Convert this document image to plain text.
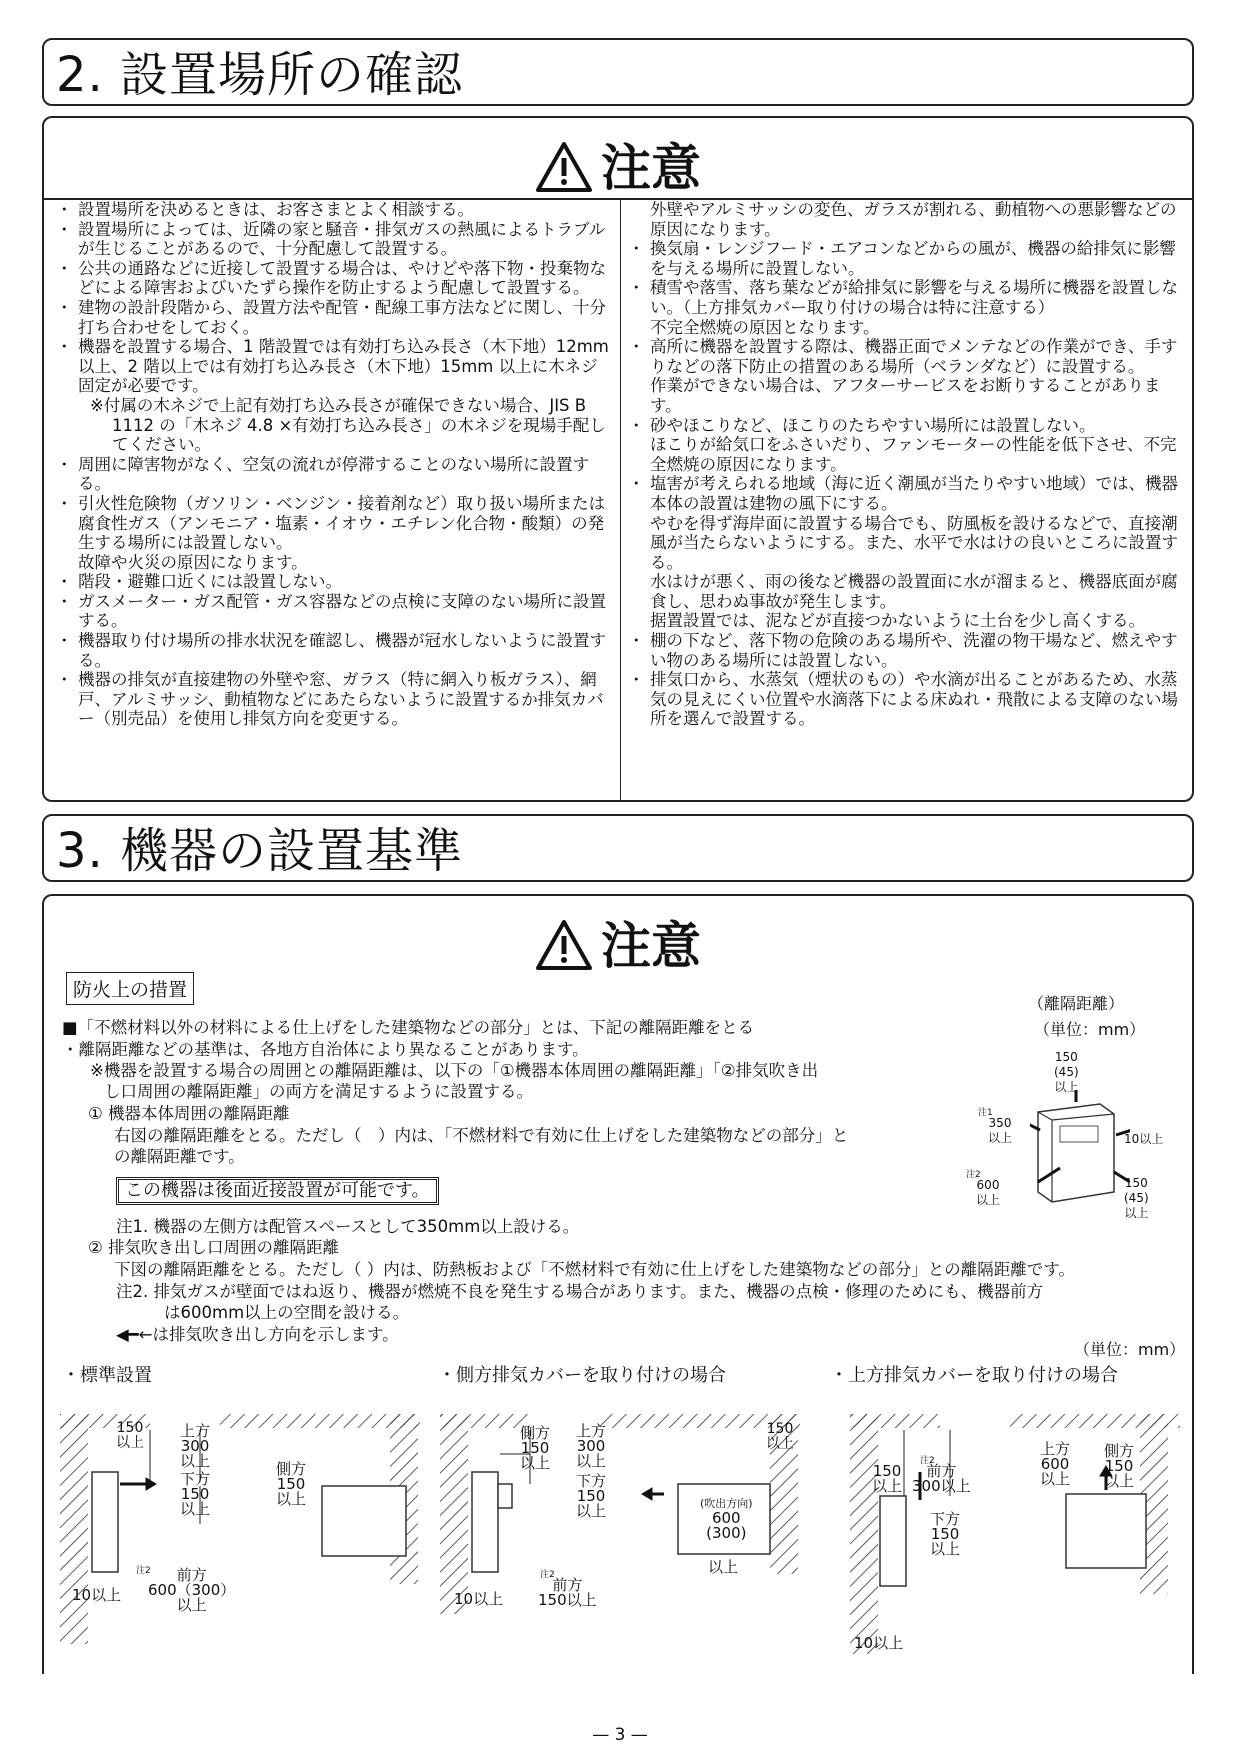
2. 設置場所の確認
注意
・ 設置場所を決めるときは、お客さまとよく相談する。
・ 設置場所によっては、近隣の家と騒音・排気ガスの熱風によるトラブルが生じることがあるので、十分配慮して設置する。
・ 公共の通路などに近接して設置する場合は、やけどや落下物・投棄物などによる障害およびいたずら操作を防止するよう配慮して設置する。
・ 建物の設計段階から、設置方法や配管・配線工事方法などに関し、十分打ち合わせをしておく。
・ 機器を設置する場合、1 階設置では有効打ち込み長さ（木下地）12mm 以上、2 階以上では有効打ち込み長さ（木下地）15mm 以上に木ネジ固定が必要です。
※付属の木ネジで上記有効打ち込み長さが確保できない場合、JIS B 1112 の「木ネジ 4.8 ×有効打ち込み長さ」の木ネジを現場手配してください。
・ 周囲に障害物がなく、空気の流れが停滞することのない場所に設置する。
・ 引火性危険物（ガソリン・ベンジン・接着剤など）取り扱い場所または腐食性ガス（アンモニア・塩素・イオウ・エチレン化合物・酸類）の発生する場所には設置しない。
故障や火災の原因になります。
・ 階段・避難口近くには設置しない。
・ ガスメーター・ガス配管・ガス容器などの点検に支障のない場所に設置する。
・ 機器取り付け場所の排水状況を確認し、機器が冠水しないように設置する。
・ 機器の排気が直接建物の外壁や窓、ガラス（特に網入り板ガラス）、網戸、アルミサッシ、動植物などにあたらないように設置するか排気カバー（別売品）を使用し排気方向を変更する。
外壁やアルミサッシの変色、ガラスが割れる、動植物への悪影響などの原因になります。
・ 換気扇・レンジフード・エアコンなどからの風が、機器の給排気に影響を与える場所に設置しない。
・ 積雪や落雪、落ち葉などが給排気に影響を与える場所に機器を設置しない。（上方排気カバー取り付けの場合は特に注意する）
不完全燃焼の原因となります。
・ 高所に機器を設置する際は、機器正面でメンテなどの作業ができ、手すりなどの落下防止の措置のある場所（ベランダなど）に設置する。
作業ができない場合は、アフターサービスをお断りすることがあります。
・ 砂やほこりなど、ほこりのたちやすい場所には設置しない。
ほこりが給気口をふさいだり、ファンモーターの性能を低下させ、不完全燃焼の原因になります。
・ 塩害が考えられる地域（海に近く潮風が当たりやすい地域）では、機器本体の設置は建物の風下にする。
やむを得ず海岸面に設置する場合でも、防風板を設けるなどで、直接潮風が当たらないようにする。また、水平で水はけの良いところに設置する。
水はけが悪く、雨の後など機器の設置面に水が溜まると、機器底面が腐食し、思わぬ事故が発生します。
据置設置では、泥などが直接つかないように土台を少し高くする。
・ 棚の下など、落下物の危険のある場所や、洗濯の物干場など、燃えやすい物のある場所には設置しない。
・ 排気口から、水蒸気（煙状のもの）や水滴が出ることがあるため、水蒸気の見えにくい位置や水滴落下による床ぬれ・飛散による支障のない場所を選んで設置する。
3. 機器の設置基準
注意
防火上の措置
■「不燃材料以外の材料による仕上げをした建築物などの部分」とは、下記の離隔距離をとる
・離隔距離などの基準は、各地方自治体により異なることがあります。
※機器を設置する場合の周囲との離隔距離は、以下の「①機器本体周囲の離隔距離」「②排気吹き出
し口周囲の離隔距離」の両方を満足するように設置する。
① 機器本体周囲の離隔距離
右図の離隔距離をとる。ただし（　）内は、「不燃材料で有効に仕上げをした建築物などの部分」と
の離隔距離です。
この機器は後面近接設置が可能です。
注1. 機器の左側方は配管スペースとして350mm以上設ける。
② 排気吹き出し口周囲の離隔距離
下図の離隔距離をとる。ただし（ ）内は、防熱板および「不燃材料で有効に仕上げをした建築物などの部分」との離隔距離です。
注2. 排気ガスが壁面ではね返り、機器が燃焼不良を発生する場合があります。また、機器の点検・修理のためにも、機器前方
は600mm以上の空間を設ける。
◀━←は排気吹き出し方向を示します。
（離隔距離）
（単位：mm）
150
(45)
以上
注1
350
以上	10以上
注2
600
以上
150
(45)
以上
（単位：mm）
・標準設置	・側方排気カバーを取り付けの場合	・上方排気カバーを取り付けの場合
150
以上
上方
300
以上
下方
150
以上
側方
150
以上
注2	前方
600（300）
以上
10以上
側方
150
以上
上方
300
以上
下方
150
以上
注2
前方
150以上
10以上
150
以上
(吹出方向)
600
(300)
以上
150
以上
注2
前方
300以上
下方
150
以上
10以上
上方
600
以上
側方
150
以上
— 3 —
